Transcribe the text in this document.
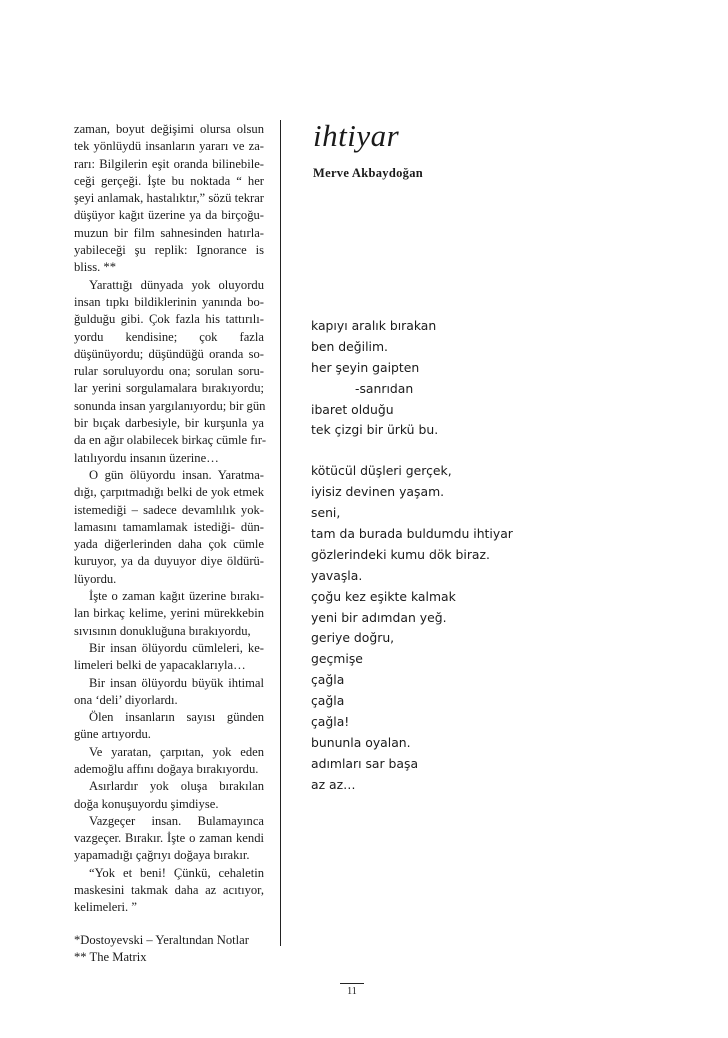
zaman, boyut değişimi olursa olsun
tek yönlüydü insanların yararı ve za-
rarı: Bilgilerin eşit oranda bilinebile-
ceği gerçeği. İşte bu noktada “ her
şeyi anlamak, hastalıktır,” sözü tekrar
düşüyor kağıt üzerine ya da birçoğu-
muzun bir film sahnesinden hatırla-
yabileceği şu replik: Ignorance is
bliss. **
Yarattığı dünyada yok oluyordu
insan tıpkı bildiklerinin yanında bo-
ğulduğu gibi. Çok fazla his tattırılı-
yordu kendisine; çok fazla
düşünüyordu; düşündüğü oranda so-
rular soruluyordu ona; sorulan soru-
lar yerini sorgulamalara bırakıyordu;
sonunda insan yargılanıyordu; bir gün
bir bıçak darbesiyle, bir kurşunla ya
da en ağır olabilecek birkaç cümle fır-
latılıyordu insanın üzerine…
O gün ölüyordu insan. Yaratma-
dığı, çarpıtmadığı belki de yok etmek
istemediği – sadece devamlılık yok-
lamasını tamamlamak istediği- dün-
yada diğerlerinden daha çok cümle
kuruyor, ya da duyuyor diye öldürü-
lüyordu.
İşte o zaman kağıt üzerine bırakı-
lan birkaç kelime, yerini mürekkebin
sıvısının donukluğuna bırakıyordu,
Bir insan ölüyordu cümleleri, ke-
limeleri belki de yapacaklarıyla…
Bir insan ölüyordu büyük ihtimal
ona ‘deli’ diyorlardı.
Ölen insanların sayısı günden
güne artıyordu.
Ve yaratan, çarpıtan, yok eden
ademoğlu affını doğaya bırakıyordu.
Asırlardır yok oluşa bırakılan
doğa konuşuyordu şimdiyse.
Vazgeçer insan. Bulamayınca
vazgeçer. Bırakır. İşte o zaman kendi
yapamadığı çağrıyı doğaya bırakır.
“Yok et beni! Çünkü, cehaletin
maskesini takmak daha az acıtıyor,
kelimeleri. ”
*Dostoyevski – Yeraltından Notlar
** The Matrix
ihtiyar
Merve Akbaydoğan
kapıyı aralık bırakan
ben değilim.
her şeyin gaipten
-sanrıdan
ibaret olduğu
tek çizgi bir ürkü bu.
kötücül düşleri gerçek,
iyisiz devinen yaşam.
seni,
tam da burada buldumdu ihtiyar
gözlerindeki kumu dök biraz.
yavaşla.
çoğu kez eşikte kalmak
yeni bir adımdan yeğ.
geriye doğru,
geçmişe
çağla
çağla
çağla!
bununla oyalan.
adımları sar başa
az az…
11
